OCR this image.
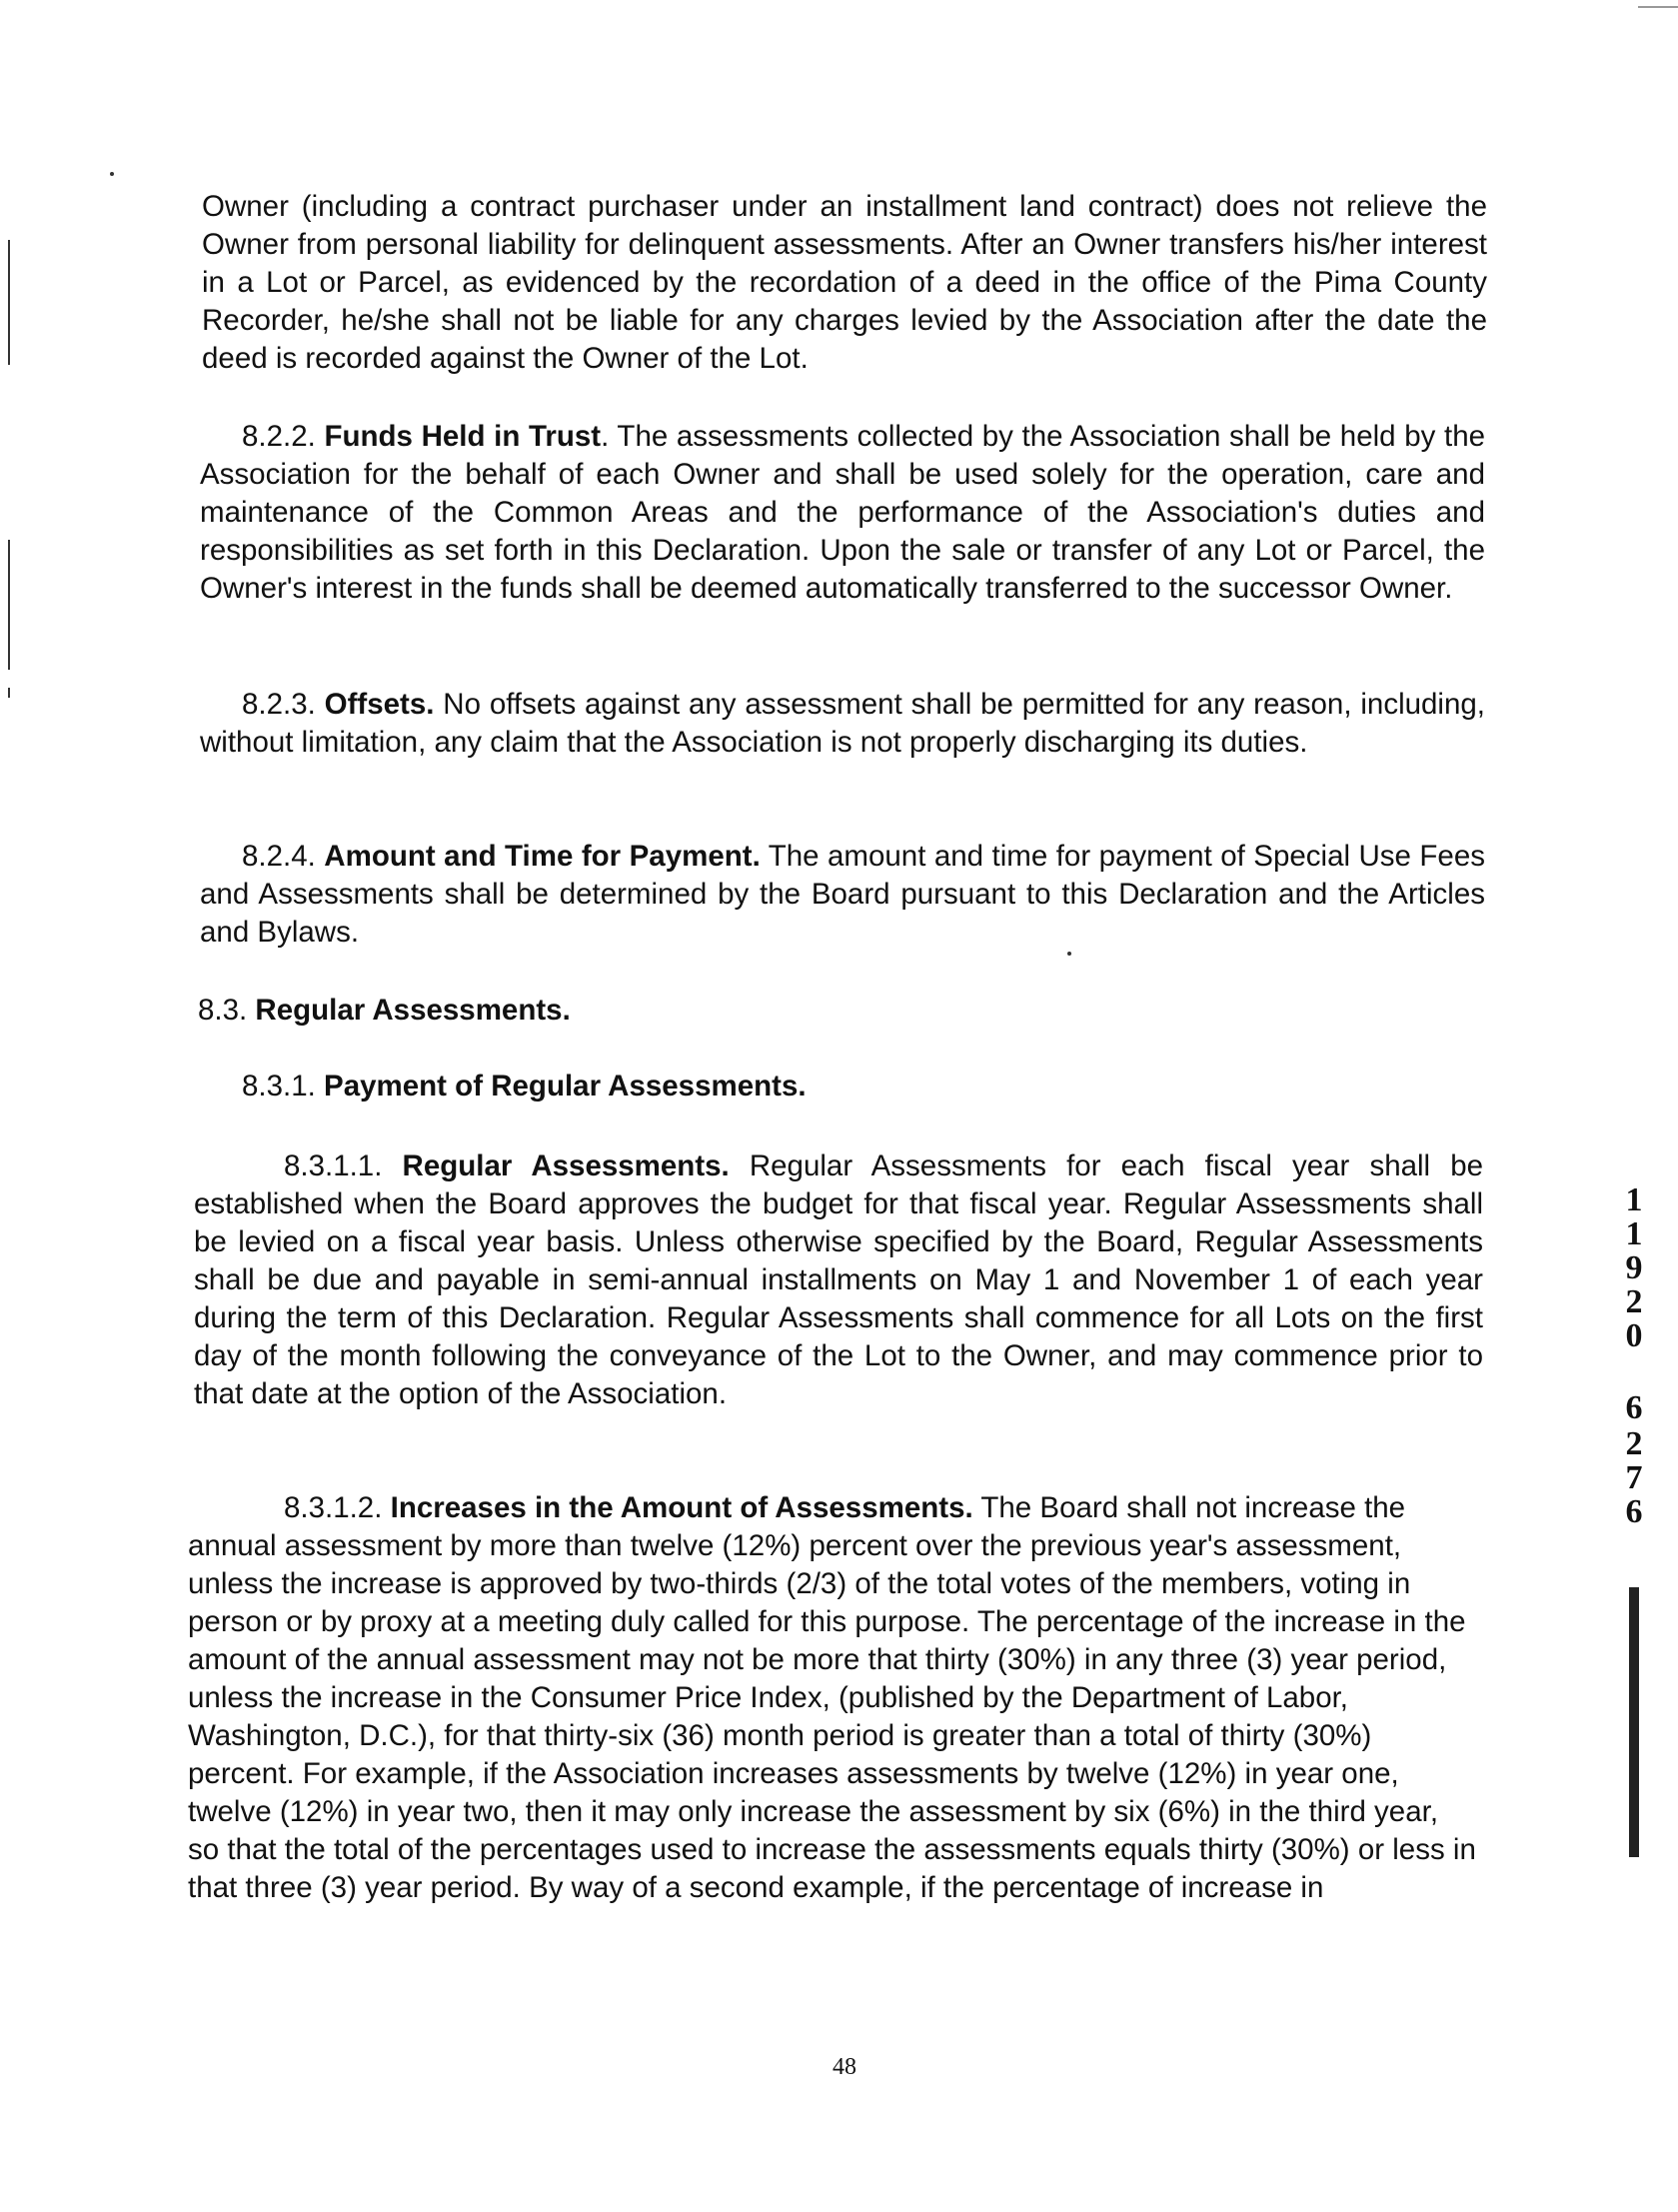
Owner (including a contract purchaser under an installment land contract) does not relieve the Owner from personal liability for delinquent assessments. After an Owner transfers his/her interest in a Lot or Parcel, as evidenced by the recordation of a deed in the office of the Pima County Recorder, he/she shall not be liable for any charges levied by the Association after the date the deed is recorded against the Owner of the Lot.

8.2.2. Funds Held in Trust. The assessments collected by the Association shall be held by the Association for the behalf of each Owner and shall be used solely for the operation, care and maintenance of the Common Areas and the performance of the Association's duties and responsibilities as set forth in this Declaration. Upon the sale or transfer of any Lot or Parcel, the Owner's interest in the funds shall be deemed automatically transferred to the successor Owner.

8.2.3. Offsets. No offsets against any assessment shall be permitted for any reason, including, without limitation, any claim that the Association is not properly discharging its duties.

8.2.4. Amount and Time for Payment. The amount and time for payment of Special Use Fees and Assessments shall be determined by the Board pursuant to this Declaration and the Articles and Bylaws.

8.3. Regular Assessments.

8.3.1. Payment of Regular Assessments.

8.3.1.1. Regular Assessments. Regular Assessments for each fiscal year shall be established when the Board approves the budget for that fiscal year. Regular Assessments shall be levied on a fiscal year basis. Unless otherwise specified by the Board, Regular Assessments shall be due and payable in semi-annual installments on May 1 and November 1 of each year during the term of this Declaration. Regular Assessments shall commence for all Lots on the first day of the month following the conveyance of the Lot to the Owner, and may commence prior to that date at the option of the Association.

8.3.1.2. Increases in the Amount of Assessments. The Board shall not increase the annual assessment by more than twelve (12%) percent over the previous year's assessment, unless the increase is approved by two-thirds (2/3) of the total votes of the members, voting in person or by proxy at a meeting duly called for this purpose. The percentage of the increase in the amount of the annual assessment may not be more that thirty (30%) in any three (3) year period, unless the increase in the Consumer Price Index, (published by the Department of Labor, Washington, D.C.), for that thirty-six (36) month period is greater than a total of thirty (30%) percent. For example, if the Association increases assessments by twelve (12%) in year one, twelve (12%) in year two, then it may only increase the assessment by six (6%) in the third year, so that the total of the percentages used to increase the assessments equals thirty (30%) or less in that three (3) year period. By way of a second example, if the percentage of increase in

1
1
9
2
0
6
2
7
6
48
